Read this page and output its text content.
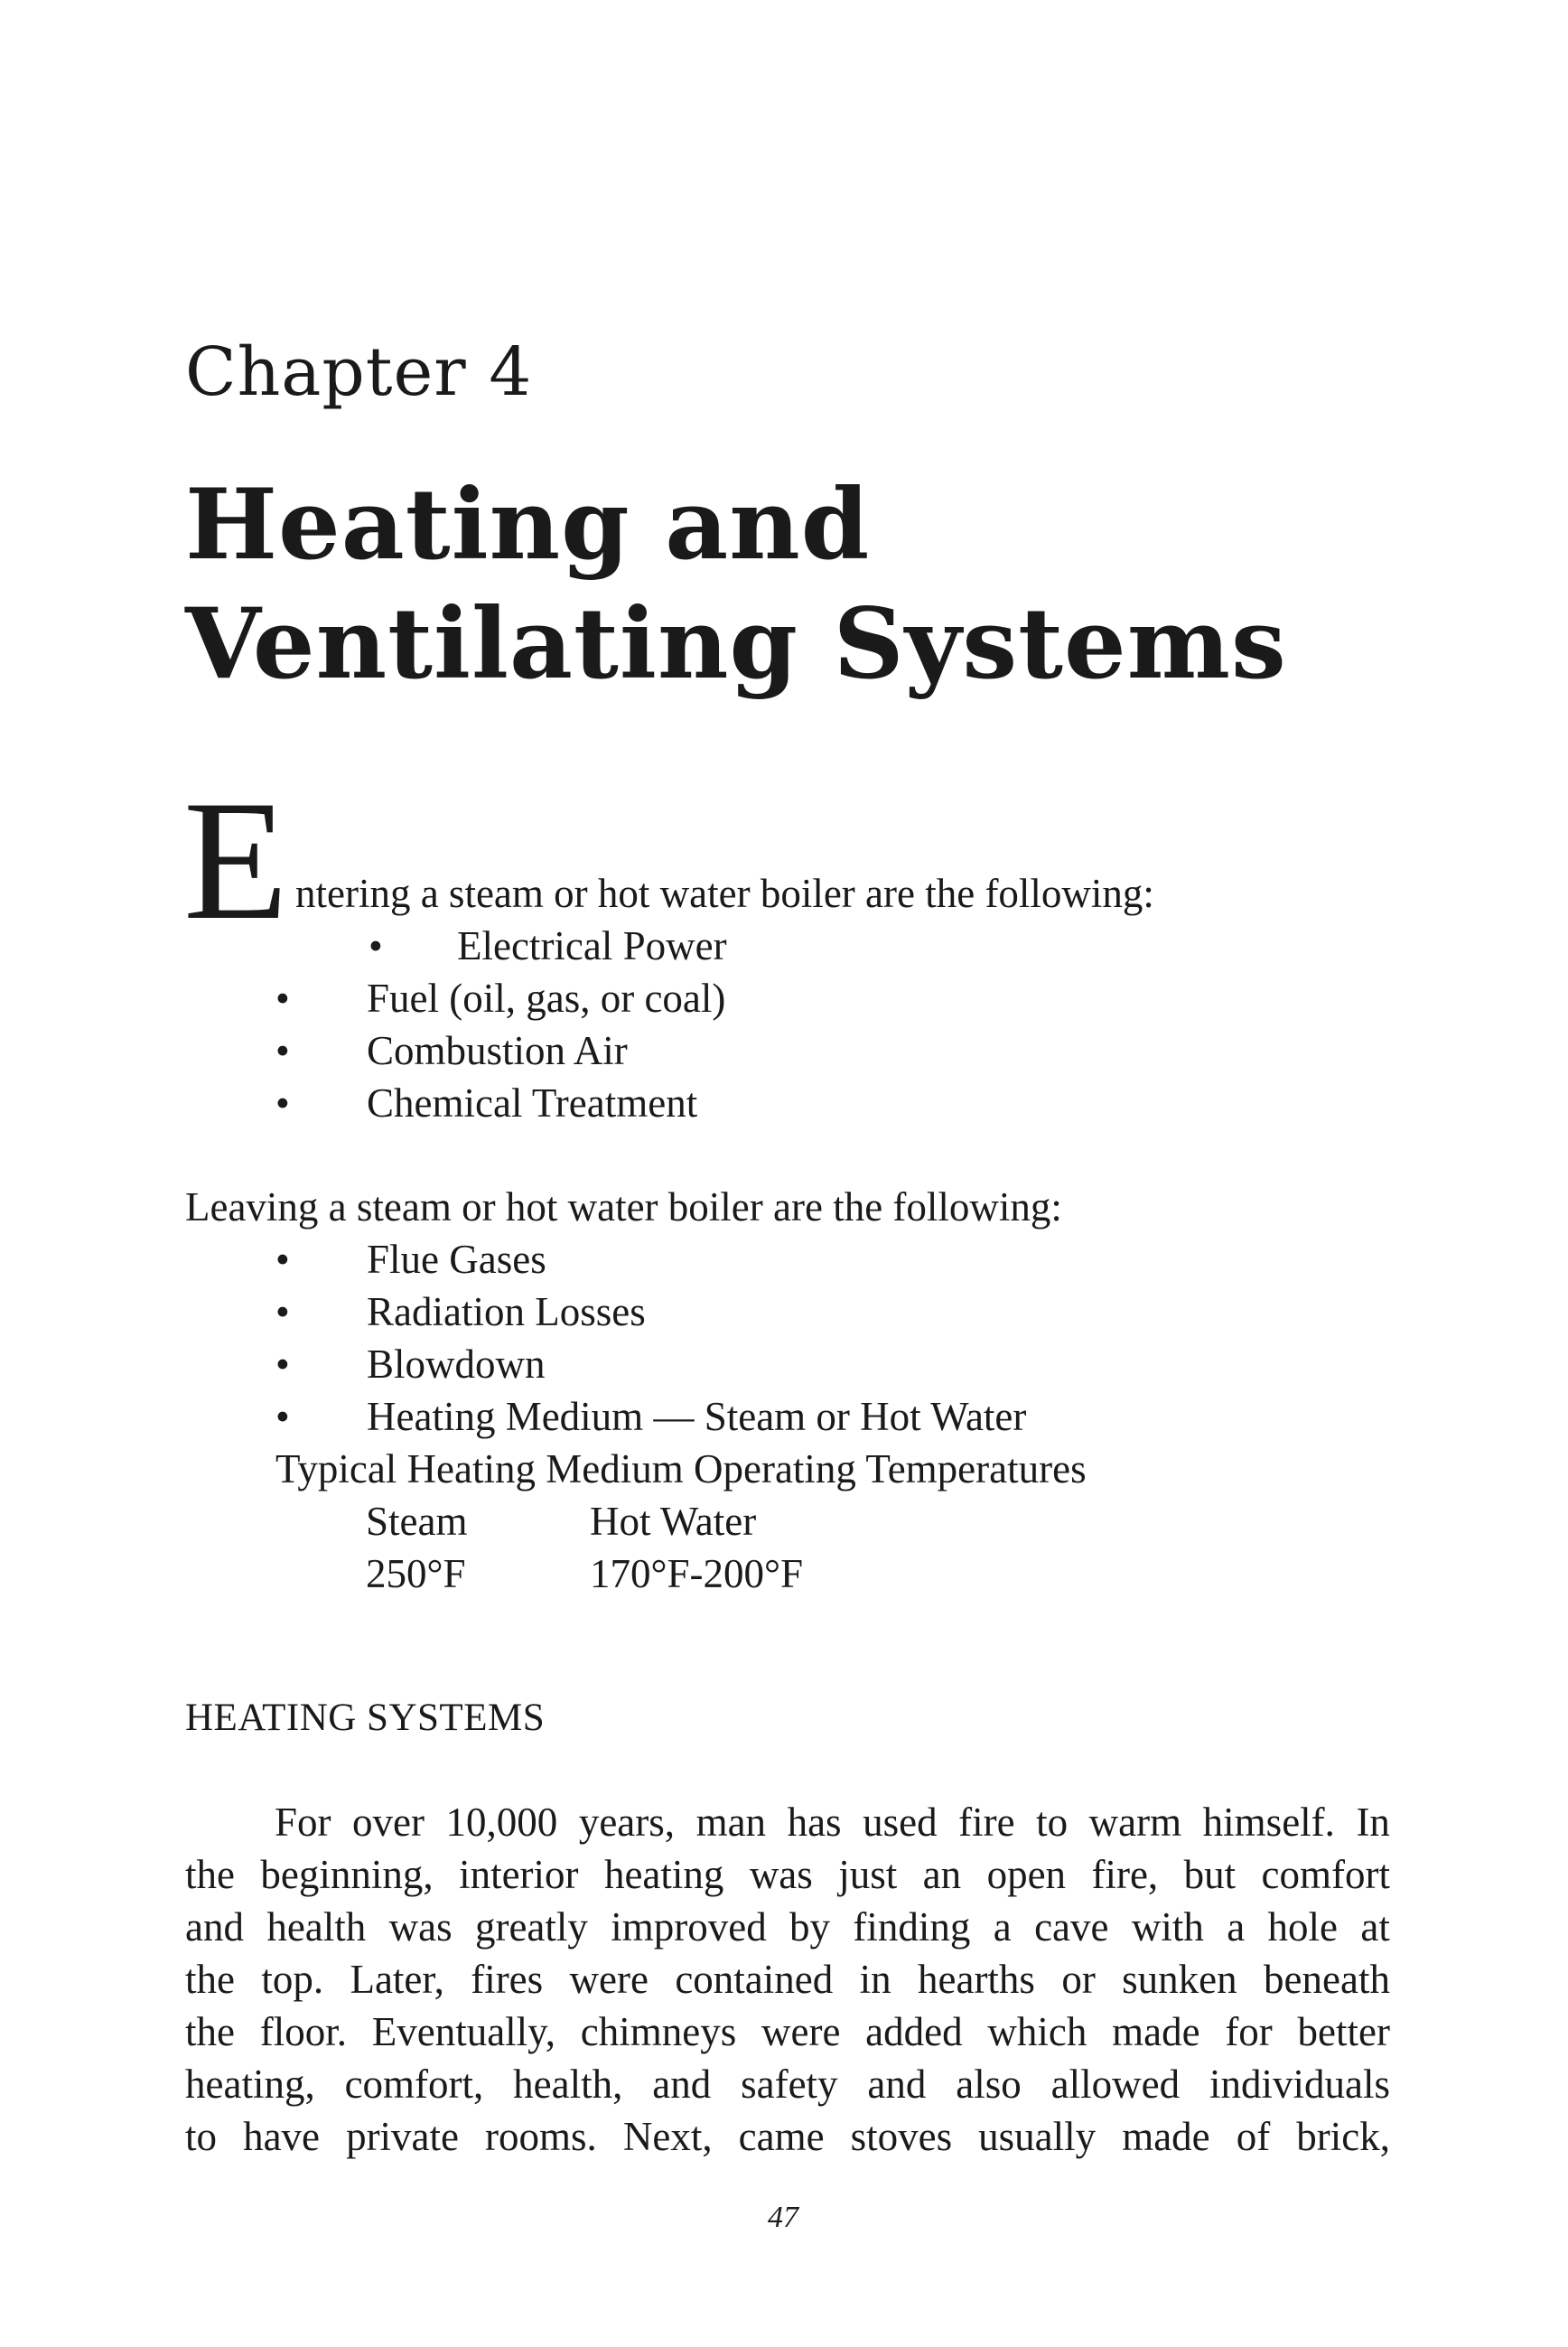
Chapter 4
Heating and
Ventilating Systems
E ntering a steam or hot water boiler are the following:
• Electrical Power
• Fuel (oil, gas, or coal)
• Combustion Air
• Chemical Treatment
Leaving a steam or hot water boiler are the following:
• Flue Gases
• Radiation Losses
• Blowdown
• Heating Medium — Steam or Hot Water
Typical Heating Medium Operating Temperatures
Steam	Hot Water
250°F	170°F-200°F
HEATING SYSTEMS
For over 10,000 years, man has used fire to warm himself. In
the beginning, interior heating was just an open fire, but comfort
and health was greatly improved by finding a cave with a hole at
the top. Later, fires were contained in hearths or sunken beneath
the floor. Eventually, chimneys were added which made for better
heating, comfort, health, and safety and also allowed individuals
to have private rooms. Next, came stoves usually made of brick,
47
